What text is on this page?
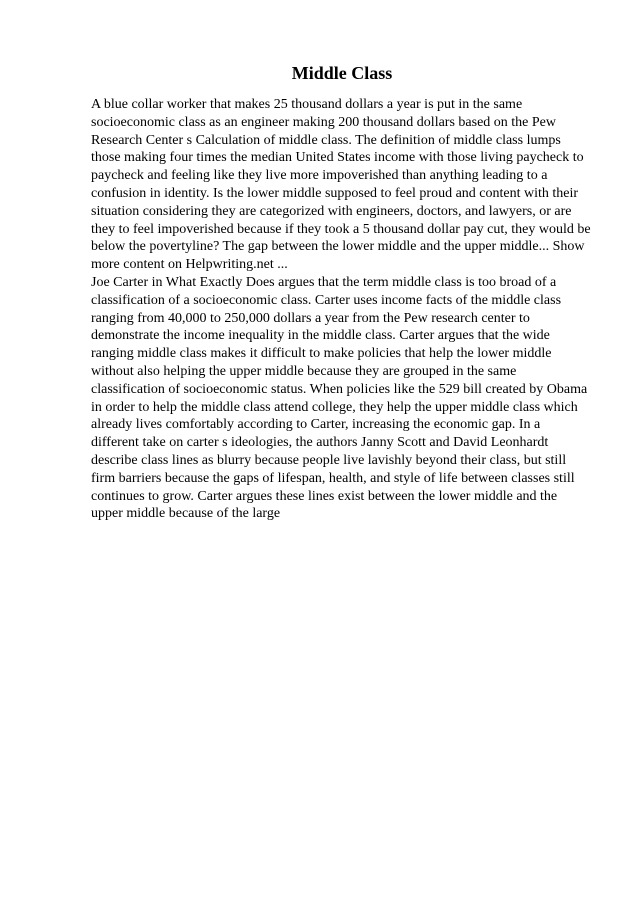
Middle Class

A blue collar worker that makes 25 thousand dollars a year is put in the same socioeconomic class as an engineer making 200 thousand dollars based on the Pew Research Center s Calculation of middle class. The definition of middle class lumps those making four times the median United States income with those living paycheck to paycheck and feeling like they live more impoverished than anything leading to a confusion in identity. Is the lower middle supposed to feel proud and content with their situation considering they are categorized with engineers, doctors, and lawyers, or are they to feel impoverished because if they took a 5 thousand dollar pay cut, they would be below the povertyline? The gap between the lower middle and the upper middle... Show more content on Helpwriting.net ...

Joe Carter in What Exactly Does argues that the term middle class is too broad of a classification of a socioeconomic class. Carter uses income facts of the middle class ranging from 40,000 to 250,000 dollars a year from the Pew research center to demonstrate the income inequality in the middle class. Carter argues that the wide ranging middle class makes it difficult to make policies that help the lower middle without also helping the upper middle because they are grouped in the same classification of socioeconomic status. When policies like the 529 bill created by Obama in order to help the middle class attend college, they help the upper middle class which already lives comfortably according to Carter, increasing the economic gap. In a different take on carter s ideologies, the authors Janny Scott and David Leonhardt describe class lines as blurry because people live lavishly beyond their class, but still firm barriers because the gaps of lifespan, health, and style of life between classes still continues to grow. Carter argues these lines exist between the lower middle and the upper middle because of the large
